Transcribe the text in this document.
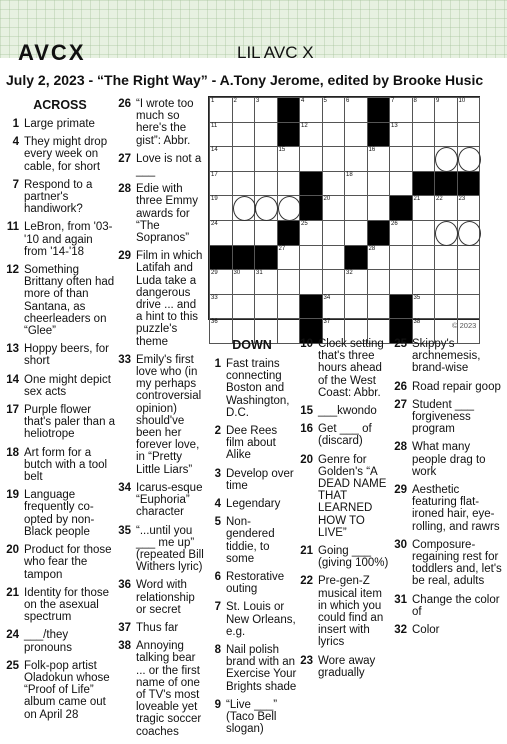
AVCX	LIL AVC X
July 2, 2023 - “The Right Way” - A.Tony Jerome, edited by Brooke Husic
ACROSS
1 Large primate
4 They might drop every week on cable, for short
7 Respond to a partner's handiwork?
11 LeBron, from '03-'10 and again from '14-'18
12 Something Brittany often had more of than Santana, as cheerleaders on “Glee”
13 Hoppy beers, for short
14 One might depict sex acts
17 Purple flower that's paler than a heliotrope
18 Art form for a butch with a tool belt
19 Language frequently co-opted by non-Black people
20 Product for those who fear the tampon
21 Identity for those on the asexual spectrum
24 ___/they pronouns
25 Folk-pop artist Oladokun whose “Proof of Life” album came out on April 28
26 “I wrote too much so here's the gist”: Abbr.
27 Love is not a ___
28 Edie with three Emmy awards for “The Sopranos”
29 Film in which Latifah and Luda take a dangerous drive ... and a hint to this puzzle's theme
33 Emily's first love who (in my perhaps controversial opinion) should've been her forever love, in “Pretty Little Liars”
34 Icarus-esque “Euphoria” character
35 “...until you ___ me up” (repeated Bill Withers lyric)
36 Word with relationship or secret
37 Thus far
38 Annoying talking bear ... or the first name of one of TV's most loveable yet tragic soccer coaches
1	2	3		4	5	6		7	8	9	10

11				12				13			

14			15				16				

17						18					

19					20				21	22	23

24				25				26			

			27				28				

29	30	31				32					

33					34				35		

36					37				38		
			© 2023
DOWN
1 Fast trains connecting Boston and Washington, D.C.
2 Dee Rees film about Alike
3 Develop over time
4 Legendary
5 Non-gendered tiddie, to some
6 Restorative outing
7 St. Louis or New Orleans, e.g.
8 Nail polish brand with an Exercise Your Brights shade
9 “Live ___” (Taco Bell slogan)
10 Clock setting that's three hours ahead of the West Coast: Abbr.
15 ___kwondo
16 Get ___ of (discard)
20 Genre for Golden's “A DEAD NAME THAT LEARNED HOW TO LIVE”
21 Going ___ (giving 100%)
22 Pre-gen-Z musical item in which you could find an insert with lyrics
23 Wore away gradually
25 Skippy's archnemesis, brand-wise
26 Road repair goop
27 Student ___ forgiveness program
28 What many people drag to work
29 Aesthetic featuring flat-ironed hair, eye-rolling, and rawrs
30 Composure-regaining rest for toddlers and, let's be real, adults
31 Change the color of
32 Color
